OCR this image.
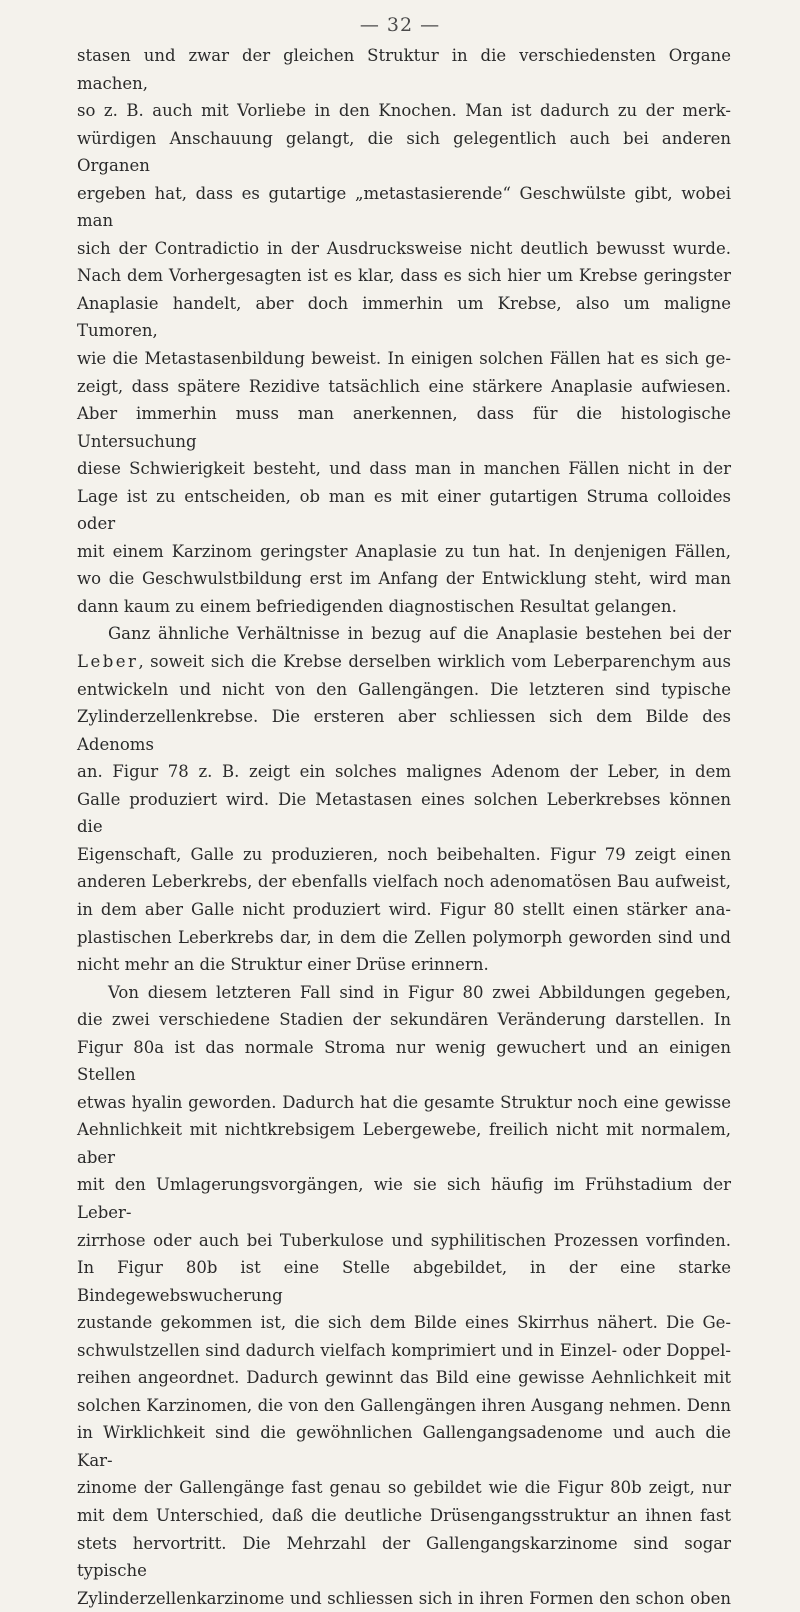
— 32 —

stasen und zwar der gleichen Struktur in die verschiedensten Organe machen,

so z. B. auch mit Vorliebe in den Knochen. Man ist dadurch zu der merk-

würdigen Anschauung gelangt, die sich gelegentlich auch bei anderen Organen

ergeben hat, dass es gutartige „metastasierende“ Geschwülste gibt, wobei man

sich der Contradictio in der Ausdrucksweise nicht deutlich bewusst wurde.

Nach dem Vorhergesagten ist es klar, dass es sich hier um Krebse geringster

Anaplasie handelt, aber doch immerhin um Krebse, also um maligne Tumoren,

wie die Metastasenbildung beweist. In einigen solchen Fällen hat es sich ge-

zeigt, dass spätere Rezidive tatsächlich eine stärkere Anaplasie aufwiesen.

Aber immerhin muss man anerkennen, dass für die histologische Untersuchung

diese Schwierigkeit besteht, und dass man in manchen Fällen nicht in der

Lage ist zu entscheiden, ob man es mit einer gutartigen Struma colloides oder

mit einem Karzinom geringster Anaplasie zu tun hat. In denjenigen Fällen,

wo die Geschwulstbildung erst im Anfang der Entwicklung steht, wird man

dann kaum zu einem befriedigenden diagnostischen Resultat gelangen.

Ganz ähnliche Verhältnisse in bezug auf die Anaplasie bestehen bei der

Leber, soweit sich die Krebse derselben wirklich vom Leberparenchym aus

entwickeln und nicht von den Gallengängen. Die letzteren sind typische

Zylinderzellenkrebse. Die ersteren aber schliessen sich dem Bilde des Adenoms

an. Figur 78 z. B. zeigt ein solches malignes Adenom der Leber, in dem

Galle produziert wird. Die Metastasen eines solchen Leberkrebses können die

Eigenschaft, Galle zu produzieren, noch beibehalten. Figur 79 zeigt einen

anderen Leberkrebs, der ebenfalls vielfach noch adenomatösen Bau aufweist,

in dem aber Galle nicht produziert wird. Figur 80 stellt einen stärker ana-

plastischen Leberkrebs dar, in dem die Zellen polymorph geworden sind und

nicht mehr an die Struktur einer Drüse erinnern.

Von diesem letzteren Fall sind in Figur 80 zwei Abbildungen gegeben,

die zwei verschiedene Stadien der sekundären Veränderung darstellen. In

Figur 80a ist das normale Stroma nur wenig gewuchert und an einigen Stellen

etwas hyalin geworden. Dadurch hat die gesamte Struktur noch eine gewisse

Aehnlichkeit mit nichtkrebsigem Lebergewebe, freilich nicht mit normalem, aber

mit den Umlagerungsvorgängen, wie sie sich häufig im Frühstadium der Leber-

zirrhose oder auch bei Tuberkulose und syphilitischen Prozessen vorfinden.

In Figur 80b ist eine Stelle abgebildet, in der eine starke Bindegewebswucherung

zustande gekommen ist, die sich dem Bilde eines Skirrhus nähert. Die Ge-

schwulstzellen sind dadurch vielfach komprimiert und in Einzel- oder Doppel-

reihen angeordnet. Dadurch gewinnt das Bild eine gewisse Aehnlichkeit mit

solchen Karzinomen, die von den Gallengängen ihren Ausgang nehmen. Denn

in Wirklichkeit sind die gewöhnlichen Gallengangsadenome und auch die Kar-

zinome der Gallengänge fast genau so gebildet wie die Figur 80b zeigt, nur

mit dem Unterschied, daß die deutliche Drüsengangsstruktur an ihnen fast

stets hervortritt. Die Mehrzahl der Gallengangskarzinome sind sogar typische

Zylinderzellenkarzinome und schliessen sich in ihren Formen den schon oben
